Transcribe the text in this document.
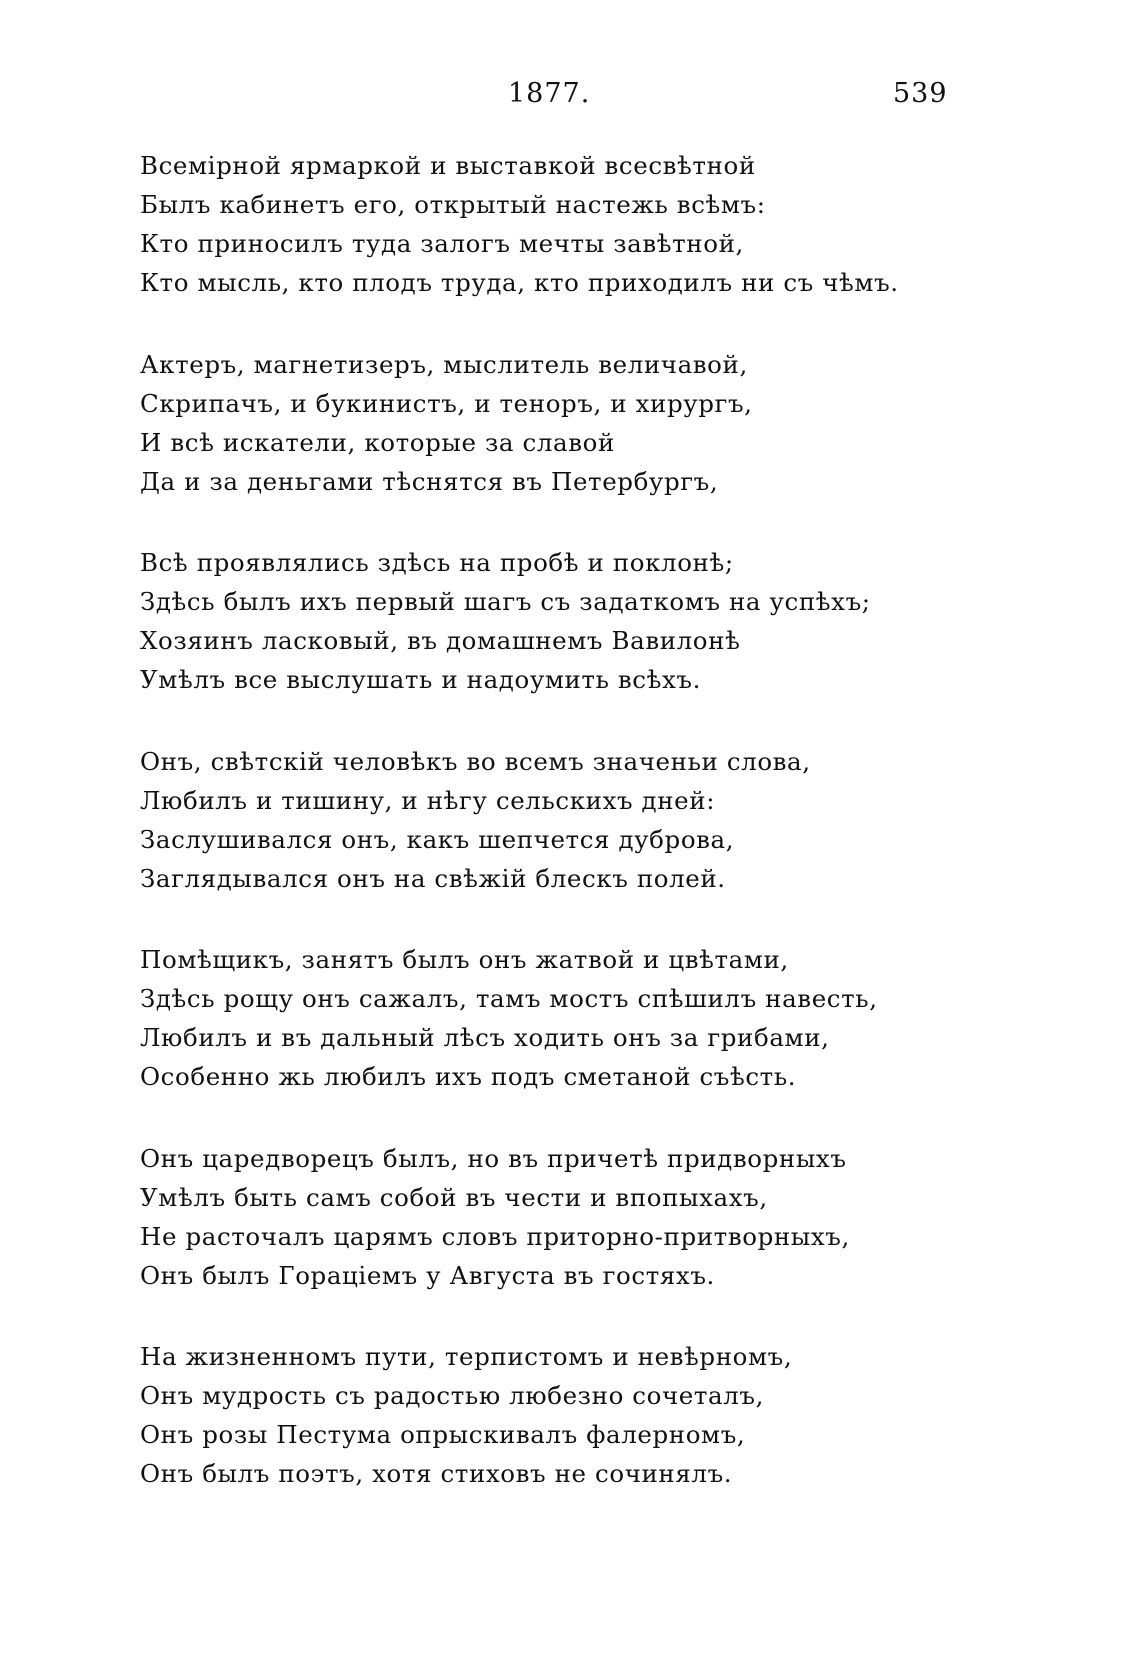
1877.	539
Всемірной ярмаркой и выставкой всесвѣтной
Былъ кабинетъ его, открытый настежь всѣмъ:
Кто приносилъ туда залогъ мечты завѣтной,
Кто мысль, кто плодъ труда, кто приходилъ ни съ чѣмъ.
Актеръ, магнетизеръ, мыслитель величавой,
Скрипачъ, и букинистъ, и теноръ, и хирургъ,
И всѣ искатели, которые за славой
Да и за деньгами тѣснятся въ Петербургъ,
Всѣ проявлялись здѣсь на пробѣ и поклонѣ;
Здѣсь былъ ихъ первый шагъ съ задаткомъ на успѣхъ;
Хозяинъ ласковый, въ домашнемъ Вавилонѣ
Умѣлъ все выслушать и надоумить всѣхъ.
Онъ, свѣтскій человѣкъ во всемъ значеньи слова,
Любилъ и тишину, и нѣгу сельскихъ дней:
Заслушивался онъ, какъ шепчется дуброва,
Заглядывался онъ на свѣжій блескъ полей.
Помѣщикъ, занятъ былъ онъ жатвой и цвѣтами,
Здѣсь рощу онъ сажалъ, тамъ мостъ спѣшилъ навесть,
Любилъ и въ дальный лѣсъ ходить онъ за грибами,
Особенно жь любилъ ихъ подъ сметаной съѣсть.
Онъ царедворецъ былъ, но въ причетѣ придворныхъ
Умѣлъ быть самъ собой въ чести и впопыхахъ,
Не расточалъ царямъ словъ приторно-притворныхъ,
Онъ былъ Гораціемъ у Августа въ гостяхъ.
На жизненномъ пути, терпистомъ и невѣрномъ,
Онъ мудрость съ радостью любезно сочеталъ,
Онъ розы Пестума опрыскивалъ фалерномъ,
Онъ былъ поэтъ, хотя стиховъ не сочинялъ.
